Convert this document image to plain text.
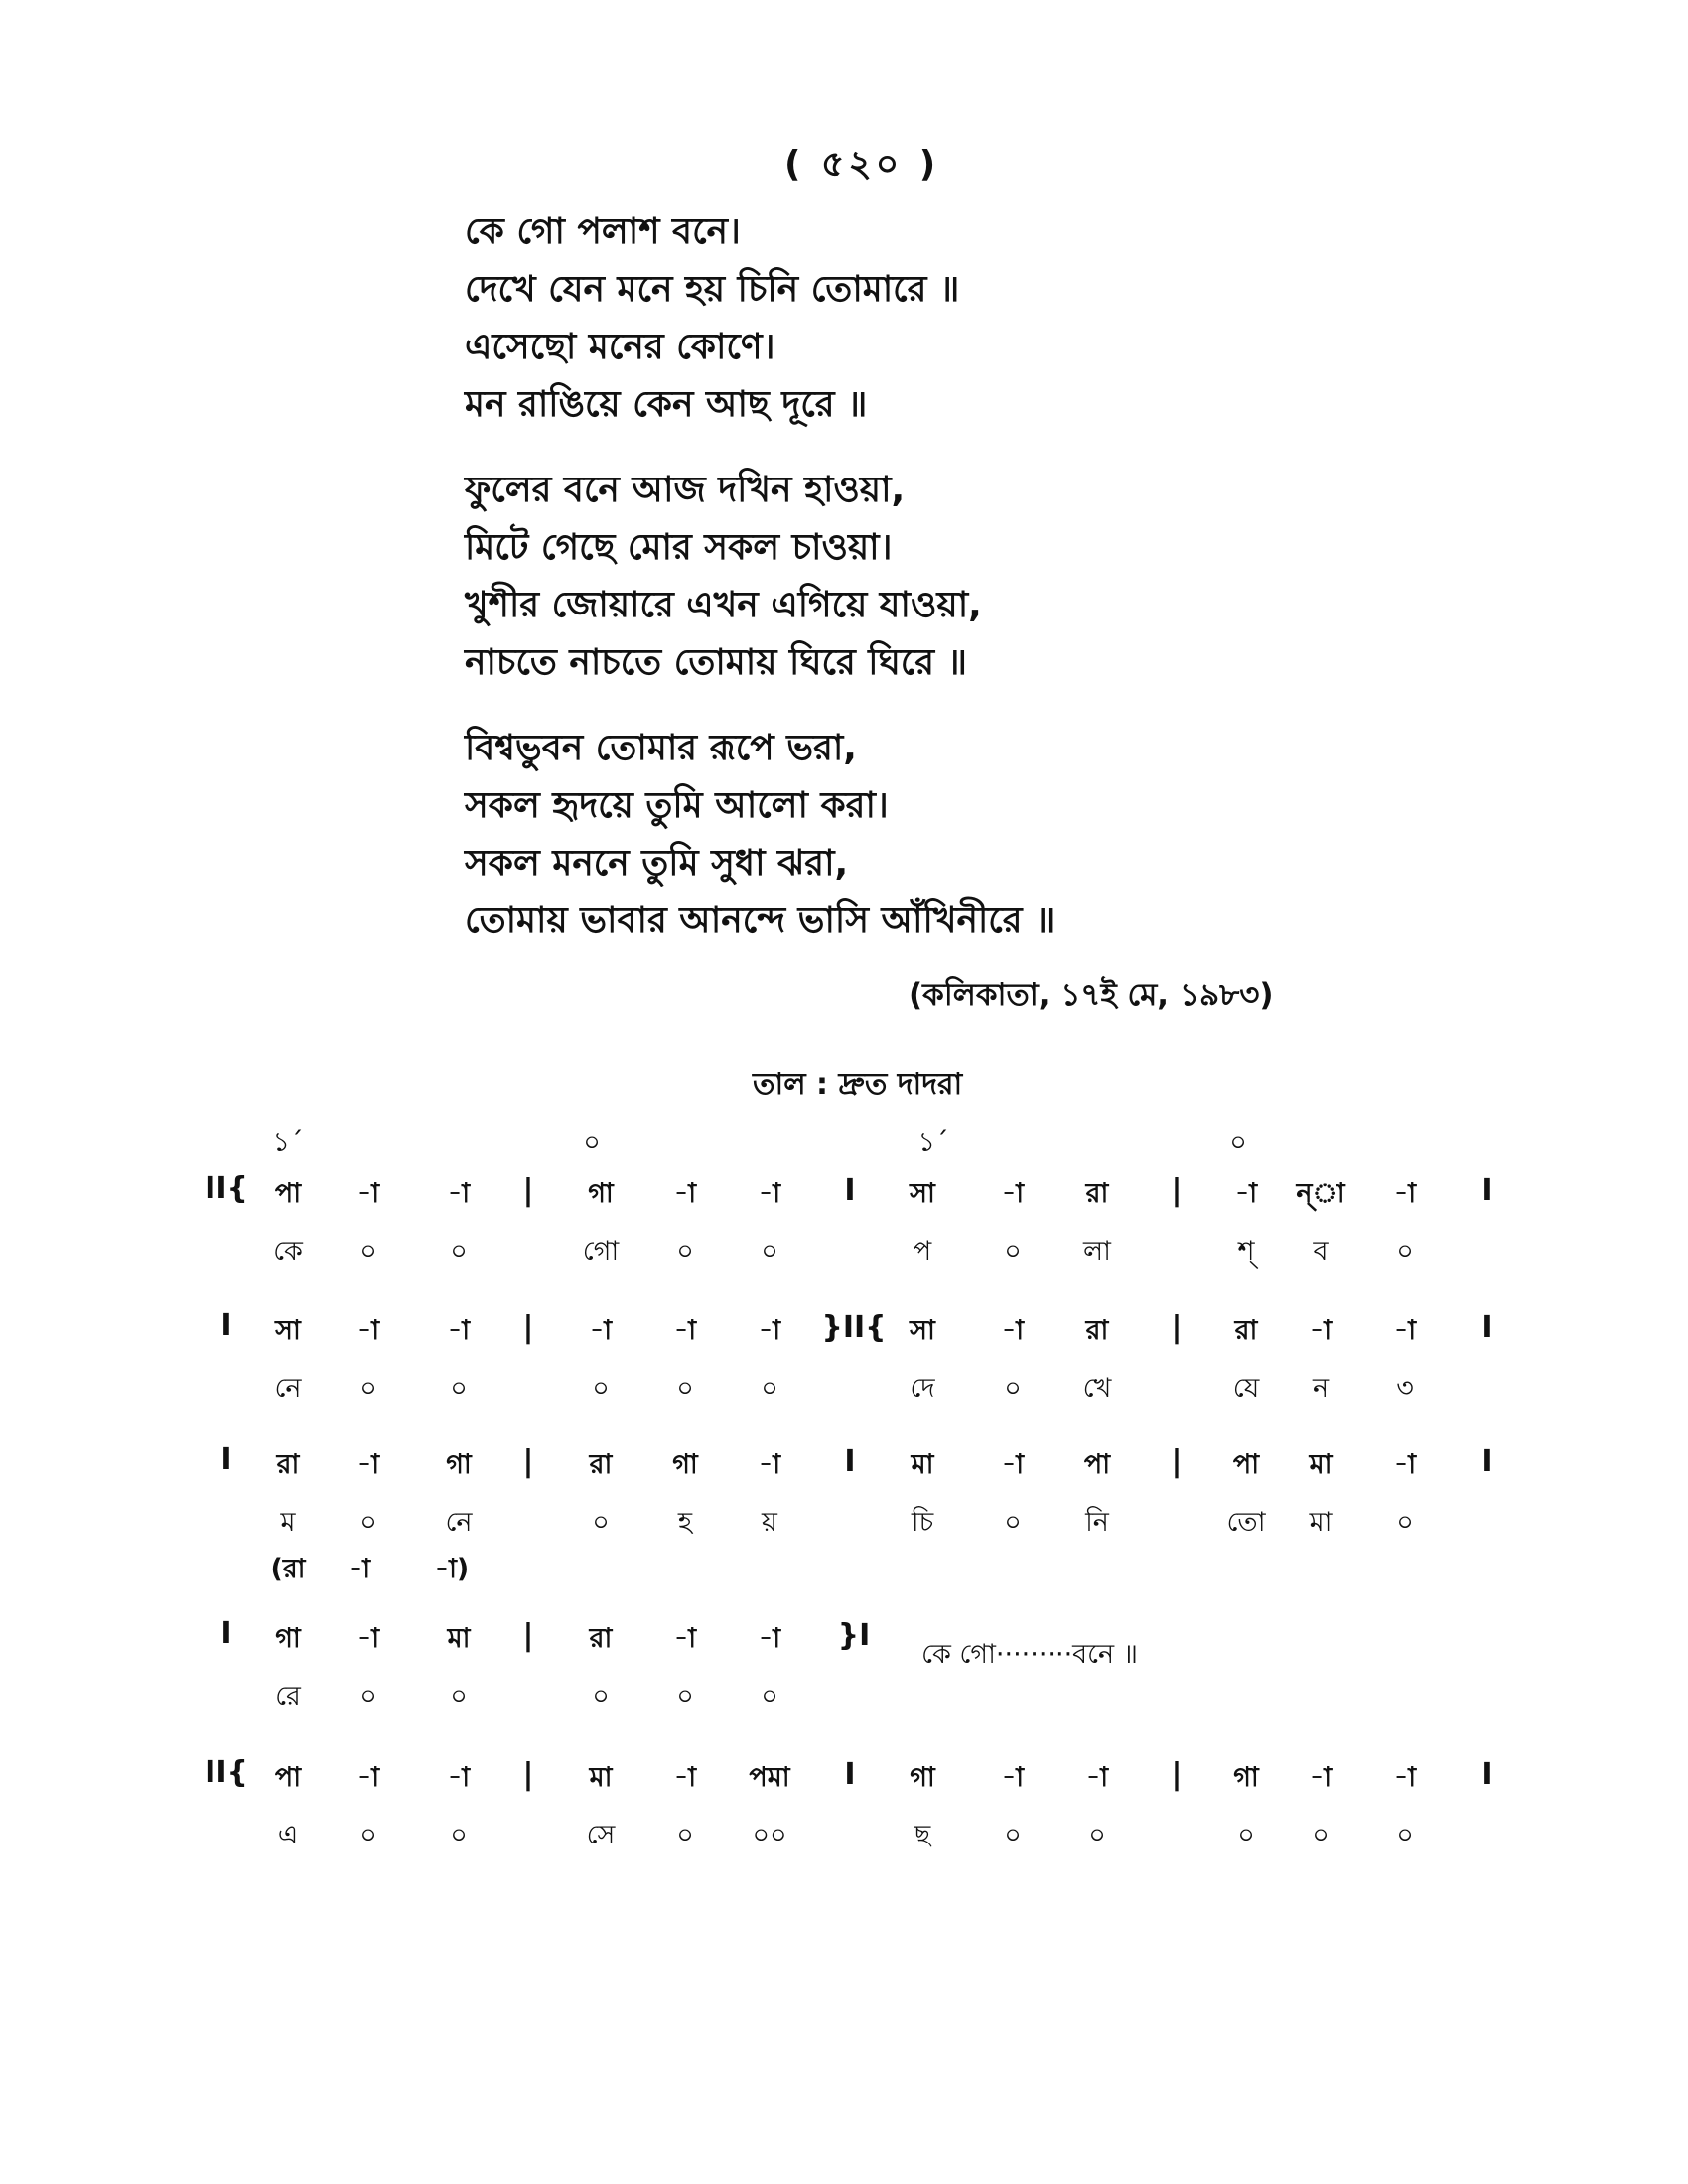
( ৫২০ )
কে গো পলাশ বনে।
দেখে যেন মনে হয় চিনি তোমারে ॥
এসেছো মনের কোণে।
মন রাঙিয়ে কেন আছ দূরে ॥
ফুলের বনে আজ দখিন হাওয়া,
মিটে গেছে মোর সকল চাওয়া।
খুশীর জোয়ারে এখন এগিয়ে যাওয়া,
নাচতে নাচতে তোমায় ঘিরে ঘিরে ॥
বিশ্বভুবন তোমার রূপে ভরা,
সকল হৃদয়ে তুমি আলো করা।
সকল মননে তুমি সুধা ঝরা,
তোমায় ভাবার আনন্দে ভাসি আঁখিনীরে ॥
(কলিকাতা, ১৭ই মে, ১৯৮৩)
তাল : দ্রুত দাদরা
১´	০	১´	০
II{ পা -া	-া | গা -া -া I সা -া রা | -া ন্া -া I
কে ০	০	গো ০ ০	প	০ লা	শ্ ব	০
I সা -া	-া | -া -া -া }II{ সা -া রা | রা -া -া I
নে ০	০	০ ০ ০	দে	০ খে	যে ন	৩
I রা -া গা | রা গা -া I মা	-া পা | পা মা -া I
ম ০	নে	০	হ	য়	চি	০ নি	তো মা ০
(রা -া -া)
I গা -া	মা | রা -া -া }I
রে ০	০	০ ০ ০
কে গো·········বনে ॥
II{ পা -া	-া | মা -া পমা I গা -া -া | গা -া -া I
এ ০	০	সে ০ ০০	ছ	০ ০	০ ০ ০
